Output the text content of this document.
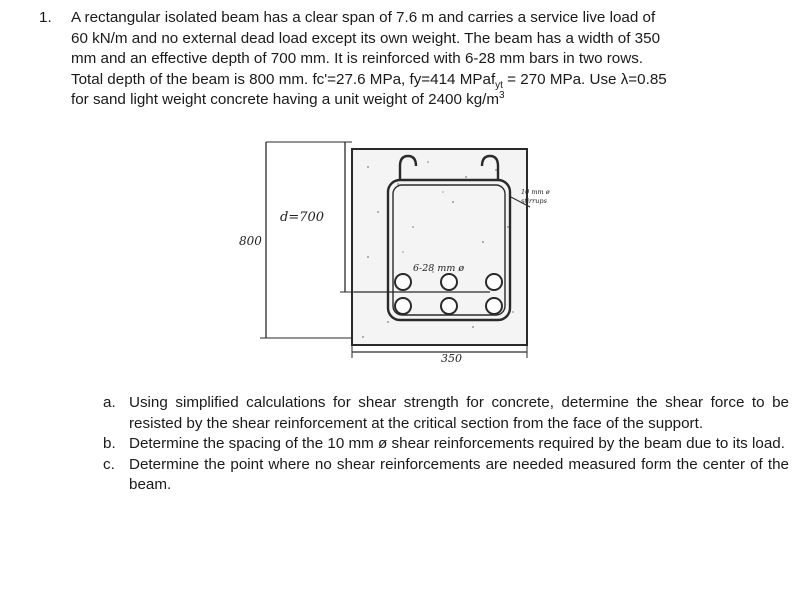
1. A rectangular isolated beam has a clear span of 7.6 m and carries a service live load of
60 kN/m and no external dead load except its own weight. The beam has a width of 350
mm and an effective depth of 700 mm. It is reinforced with 6-28 mm bars in two rows.
Total depth of the beam is 800 mm. fc'=27.6 MPa, fy=414 MPaf$_{yt}$ = 270 MPa. Use λ=0.85
for sand light weight concrete having a unit weight of 2400 $kg/m^3$
d=700
800
350
6-28 mm ø
10 mm ø
stirrups
a. Using simplified calculations for shear strength for concrete, determine the shear force to be resisted by the shear reinforcement at the critical section from the face of the support.
b. Determine the spacing of the 10 mm ø shear reinforcements required by the beam due to its load.
c. Determine the point where no shear reinforcements are needed measured form the center of the beam.
